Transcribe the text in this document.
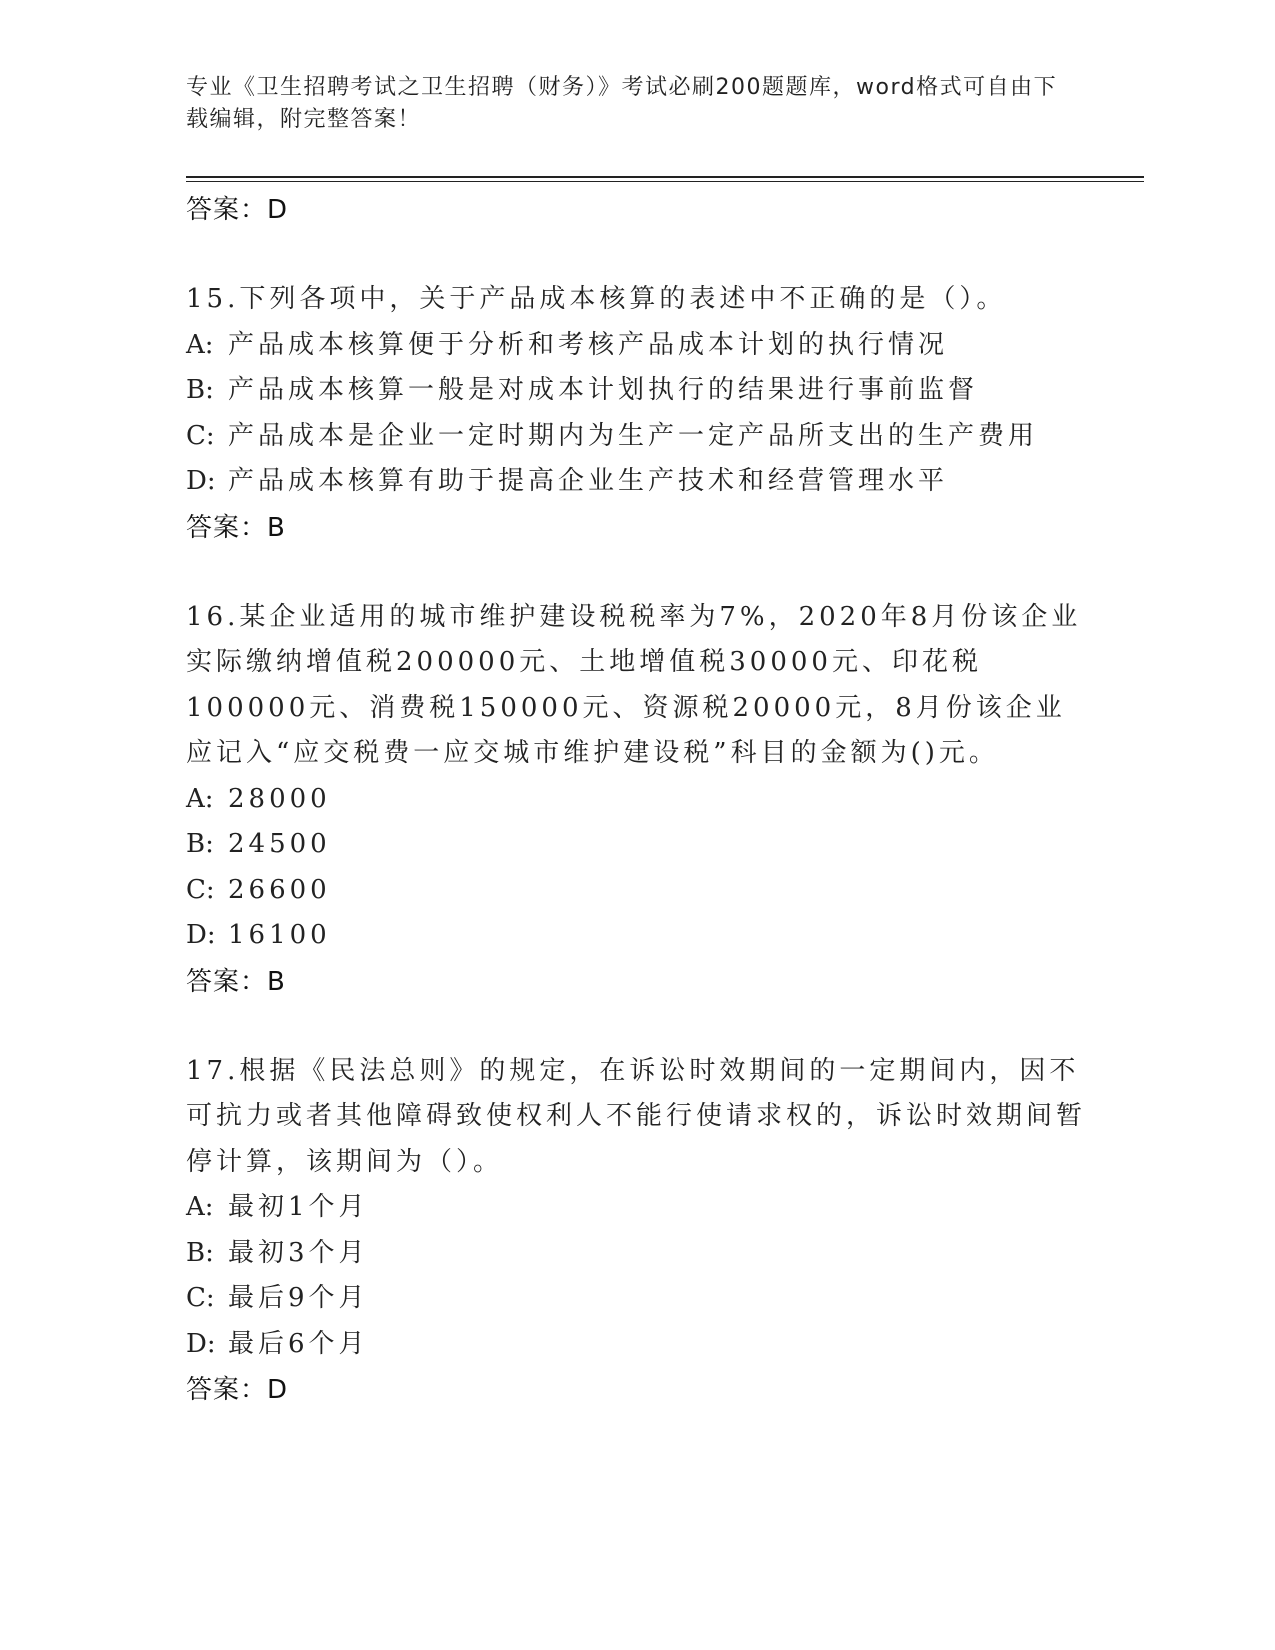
专业《卫生招聘考试之卫生招聘（财务）》考试必刷200题题库，word格式可自由下载编辑，附完整答案！
答案：D
15.下列各项中，关于产品成本核算的表述中不正确的是（）。
A: 产品成本核算便于分析和考核产品成本计划的执行情况
B: 产品成本核算一般是对成本计划执行的结果进行事前监督
C: 产品成本是企业一定时期内为生产一定产品所支出的生产费用
D: 产品成本核算有助于提高企业生产技术和经营管理水平
答案：B
16.某企业适用的城市维护建设税税率为7%，2020年8月份该企业实际缴纳增值税200000元、土地增值税30000元、印花税100000元、消费税150000元、资源税20000元，8月份该企业应记入“应交税费一应交城市维护建设税”科目的金额为()元。
A: 28000
B: 24500
C: 26600
D: 16100
答案：B
17.根据《民法总则》的规定，在诉讼时效期间的一定期间内，因不可抗力或者其他障碍致使权利人不能行使请求权的，诉讼时效期间暂停计算，该期间为（）。
A: 最初1个月
B: 最初3个月
C: 最后9个月
D: 最后6个月
答案：D
